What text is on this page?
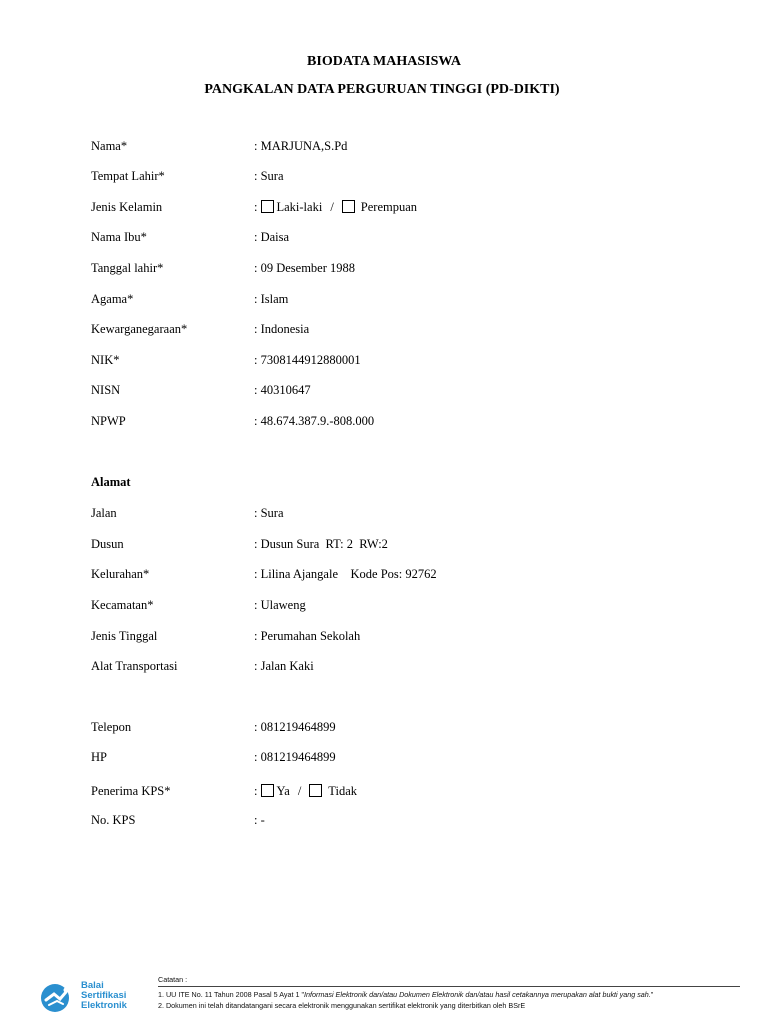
BIODATA MAHASISWA
PANGKALAN DATA PERGURUAN TINGGI (PD-DIKTI)
Nama*	: MARJUNA,S.Pd
Tempat Lahir*	: Sura
Jenis Kelamin	: Laki-laki / Perempuan
Nama Ibu*	: Daisa
Tanggal lahir*	: 09 Desember 1988
Agama*	: Islam
Kewarganegaraan*	: Indonesia
NIK*	: 7308144912880001
NISN	: 40310647
NPWP	: 48.674.387.9.-808.000
Alamat
Jalan	: Sura
Dusun	: Dusun Sura  RT: 2  RW:2
Kelurahan*	: Lilina Ajangale    Kode Pos: 92762
Kecamatan*	: Ulaweng
Jenis Tinggal	: Perumahan Sekolah
Alat Transportasi	: Jalan Kaki
Telepon	: 081219464899
HP	: 081219464899
Penerima KPS*	: Ya / Tidak
No. KPS	: -
Balai
Sertifikasi
Elektronik
Catatan :
1. UU ITE No. 11 Tahun 2008 Pasal 5 Ayat 1 "Informasi Elektronik dan/atau Dokumen Elektronik dan/atau hasil cetakannya merupakan alat bukti yang sah."
2. Dokumen ini telah ditandatangani secara elektronik menggunakan sertifikat elektronik yang diterbitkan oleh BSrE
